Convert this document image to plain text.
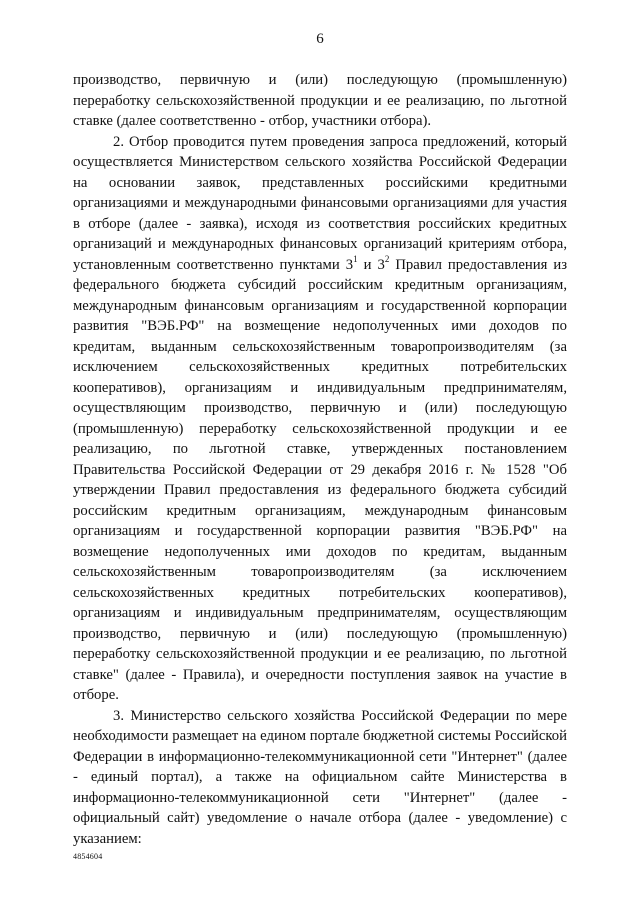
6

производство, первичную и (или) последующую (промышленную) переработку сельскохозяйственной продукции и ее реализацию, по льготной ставке (далее соответственно - отбор, участники отбора).

2. Отбор проводится путем проведения запроса предложений, который осуществляется Министерством сельского хозяйства Российской Федерации на основании заявок, представленных российскими кредитными организациями и международными финансовыми организациями для участия в отборе (далее - заявка), исходя из соответствия российских кредитных организаций и международных финансовых организаций критериям отбора, установленным соответственно пунктами $3^1$ и $3^2$ Правил предоставления из федерального бюджета субсидий российским кредитным организациям, международным финансовым организациям и государственной корпорации развития "ВЭБ.РФ" на возмещение недополученных ими доходов по кредитам, выданным сельскохозяйственным товаропроизводителям (за исключением сельскохозяйственных кредитных потребительских кооперативов), организациям и индивидуальным предпринимателям, осуществляющим производство, первичную и (или) последующую (промышленную) переработку сельскохозяйственной продукции и ее реализацию, по льготной ставке, утвержденных постановлением Правительства Российской Федерации от 29 декабря 2016 г. № 1528 "Об утверждении Правил предоставления из федерального бюджета субсидий российским кредитным организациям, международным финансовым организациям и государственной корпорации развития "ВЭБ.РФ" на возмещение недополученных ими доходов по кредитам, выданным сельскохозяйственным товаропроизводителям (за исключением сельскохозяйственных кредитных потребительских кооперативов), организациям и индивидуальным предпринимателям, осуществляющим производство, первичную и (или) последующую (промышленную) переработку сельскохозяйственной продукции и ее реализацию, по льготной ставке" (далее - Правила), и очередности поступления заявок на участие в отборе.

3. Министерство сельского хозяйства Российской Федерации по мере необходимости размещает на едином портале бюджетной системы Российской Федерации в информационно-телекоммуникационной сети "Интернет" (далее - единый портал), а также на официальном сайте Министерства в информационно-телекоммуникационной сети "Интернет" (далее - официальный сайт) уведомление о начале отбора (далее - уведомление) с указанием:

4854604
